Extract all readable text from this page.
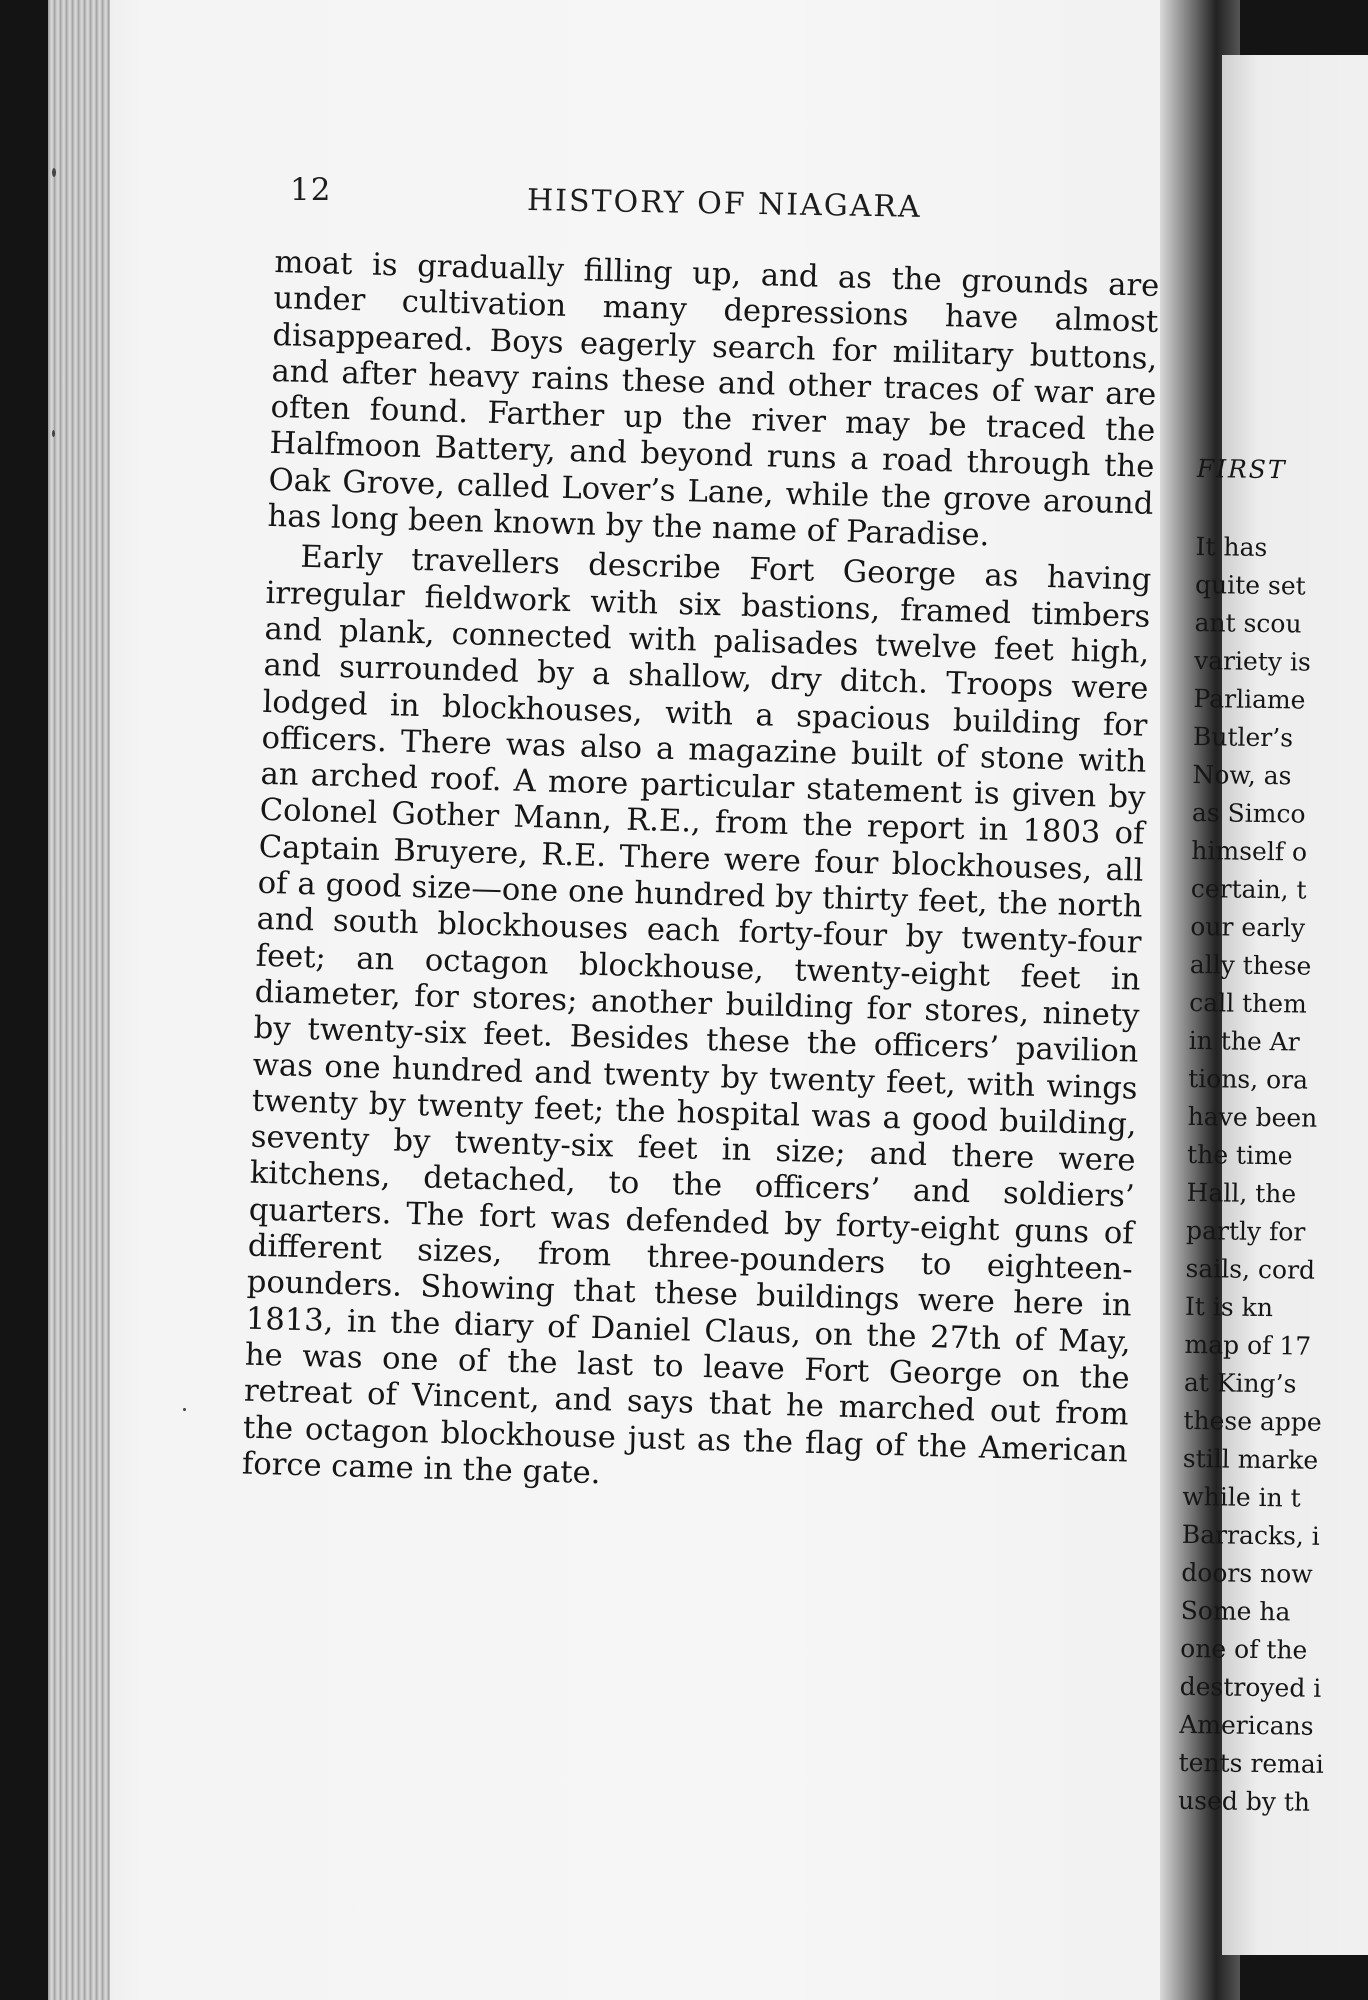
12	HISTORY OF NIAGARA

moat is gradually filling up, and as the grounds are under cultivation many depressions have almost disappeared. Boys eagerly search for military buttons, and after heavy rains these and other traces of war are often found. Farther up the river may be traced the Halfmoon Battery, and beyond runs a road through the Oak Grove, called Lover’s Lane, while the grove around has long been known by the name of Paradise.

Early travellers describe Fort George as having irregular fieldwork with six bastions, framed timbers and plank, connected with palisades twelve feet high, and surrounded by a shallow, dry ditch. Troops were lodged in blockhouses, with a spacious building for officers. There was also a magazine built of stone with an arched roof. A more particular statement is given by Colonel Gother Mann, R.E., from the report in 1803 of Captain Bruyere, R.E. There were four blockhouses, all of a good size—one one hundred by thirty feet, the north and south blockhouses each forty-four by twenty-four feet; an octagon blockhouse, twenty-eight feet in diameter, for stores; another building for stores, ninety by twenty-six feet. Besides these the officers’ pavilion was one hundred and twenty by twenty feet, with wings twenty by twenty feet; the hospital was a good building, seventy by twenty-six feet in size; and there were kitchens, detached, to the officers’ and soldiers’ quarters. The fort was defended by forty-eight guns of different sizes, from three-pounders to eighteen-pounders. Showing that these buildings were here in 1813, in the diary of Daniel Claus, on the 27th of May, he was one of the last to leave Fort George on the retreat of Vincent, and says that he marched out from the octagon blockhouse just as the flag of the American force came in the gate.

FIRST
It has
quite set
ant scou
variety is
Parliame
Butler’s
Now, as
as Simco
himself o
certain, t
our early
ally these
call them
in the Ar
tions, ora
have been
the time
Hall, the
partly for
sails, cord
It is kn
map of 17
at King’s
these appe
still marke
while in t
Barracks, i
doors now
Some ha
one of the
destroyed i
Americans
tents remai
used by th
